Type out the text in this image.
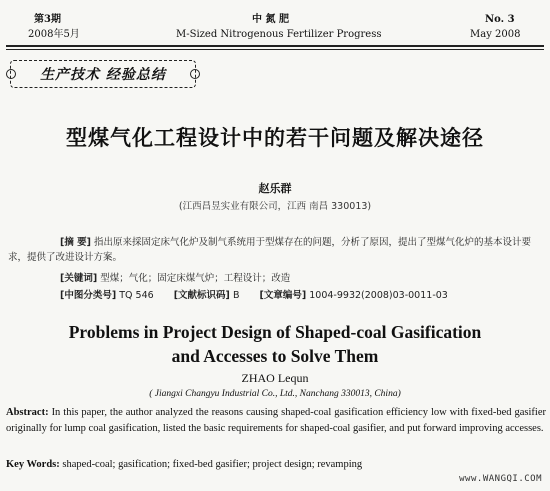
第3期
2008年5月
中 氮 肥
M-Sized Nitrogenous Fertilizer Progress
No. 3
May 2008
生产技术 经验总结
型煤气化工程设计中的若干问题及解决途径
赵乐群
(江西昌昱实业有限公司，江西 南昌 330013)
[摘 要] 指出原来採固定床气化炉及制气系统用于型煤存在的问题，分析了原因，提出了型煤气化炉的基本设计要求，提供了改进设计方案。
[关键词] 型煤；气化；固定床煤气炉；工程设计；改造
[中图分类号] TQ 546 [文献标识码] B [文章编号] 1004-9932(2008)03-0011-03
Problems in Project Design of Shaped-coal Gasification
and Accesses to Solve Them
ZHAO Lequn
( Jiangxi Changyu Industrial Co., Ltd., Nanchang 330013, China)
Abstract: In this paper, the author analyzed the reasons causing shaped-coal gasification efficiency low with fixed-bed gasifier originally for lump coal gasification, listed the basic requirements for shaped-coal gasifier, and put forward improving accesses.
Key Words: shaped-coal; gasification; fixed-bed gasifier; project design; revamping
www.WANGQI.COM
